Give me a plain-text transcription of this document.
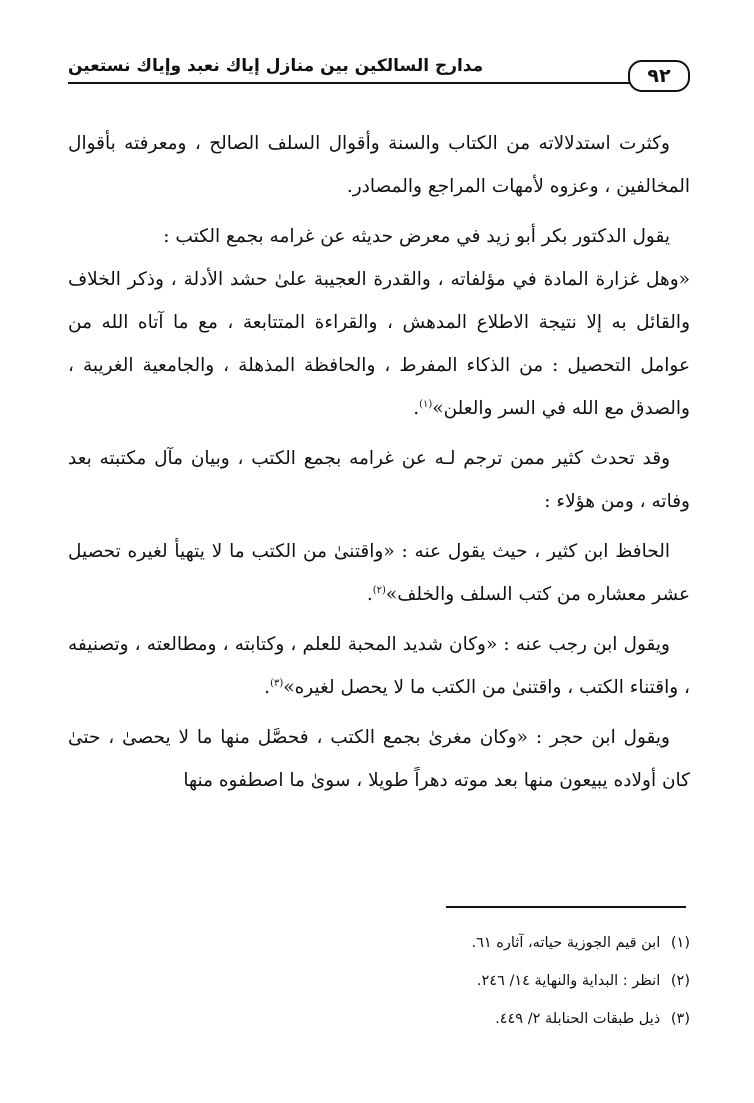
٩٢
مدارج السالكين بين منازل إياك نعبد وإياك نستعين

وكثرت استدلالاته من الكتاب والسنة وأقوال السلف الصالح ، ومعرفته بأقوال المخالفين ، وعزوه لأمهات المراجع والمصادر.

يقول الدكتور بكر أبو زيد في معرض حديثه عن غرامه بجمع الكتب :
«وهل غزارة المادة في مؤلفاته ، والقدرة العجيبة علىٰ حشد الأدلة ، وذكر الخلاف والقائل به إلا نتيجة الاطلاع المدهش ، والقراءة المتتابعة ، مع ما آتاه الله من عوامل التحصيل : من الذكاء المفرط ، والحافظة المذهلة ، والجامعية الغريبة ، والصدق مع الله في السر والعلن»$^{(١)}$.

وقد تحدث كثير ممن ترجم لـه عن غرامه بجمع الكتب ، وبيان مآل مكتبته بعد وفاته ، ومن هؤلاء :

الحافظ ابن كثير ، حيث يقول عنه : «واقتنىٰ من الكتب ما لا يتهيأ لغيره تحصيل عشر معشاره من كتب السلف والخلف»$^{(٢)}$.

ويقول ابن رجب عنه : «وكان شديد المحبة للعلم ، وكتابته ، ومطالعته ، وتصنيفه ، واقتناء الكتب ، واقتنىٰ من الكتب ما لا يحصل لغيره»$^{(٣)}$.

ويقول ابن حجر : «وكان مغرىٰ بجمع الكتب ، فحصَّل منها ما لا يحصىٰ ، حتىٰ كان أولاده يبيعون منها بعد موته دهراً طويلا ، سوىٰ ما اصطفوه منها

(١) ابن قيم الجوزية حياته، آثاره ٦١.
(٢) انظر : البداية والنهاية ١٤/ ٢٤٦.
(٣) ذيل طبقات الحنابلة ٢/ ٤٤٩.
